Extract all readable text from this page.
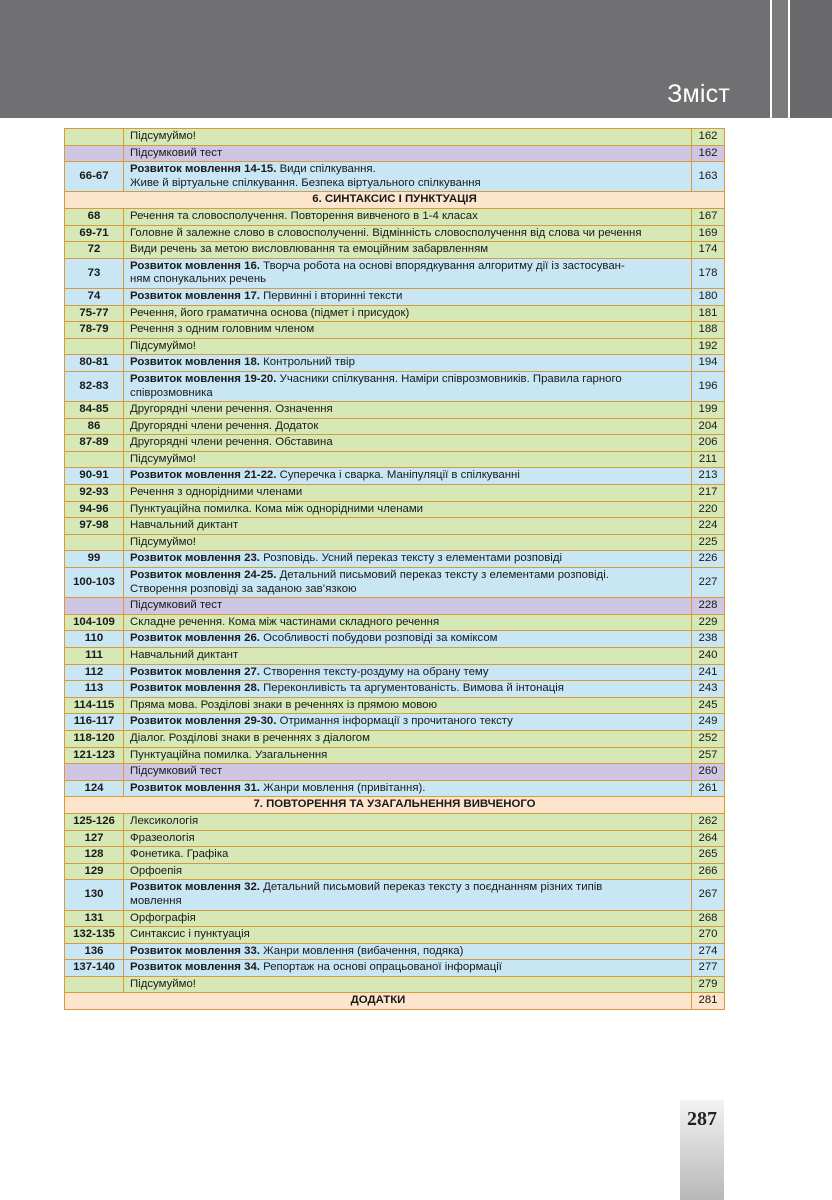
Зміст
	Підсумуймо!	162
	Підсумковий тест	162
66-67	Розвиток мовлення 14-15. Види спілкування.
Живе й віртуальне спілкування. Безпека віртуального спілкування	163
6. СИНТАКСИС І ПУНКТУАЦІЯ		
68	Речення та словосполучення. Повторення вивченого в 1-4 класах	167
69-71	Головне й залежне слово в словосполученні. Відмінність словосполучення від слова чи речення	169
72	Види речень за метою висловлювання та емоційним забарвленням	174
73	Розвиток мовлення 16. Творча робота на основі впорядкування алгоритму дії із застосуван-
ням спонукальних речень	178
74	Розвиток мовлення 17. Первинні і вторинні тексти	180
75-77	Речення, його граматична основа (підмет і присудок)	181
78-79	Речення з одним головним членом	188
	Підсумуймо!	192
80-81	Розвиток мовлення 18. Контрольний твір	194
82-83	Розвиток мовлення 19-20. Учасники спілкування. Наміри співрозмовників. Правила гарного
співрозмовника	196
84-85	Другорядні члени речення. Означення	199
86	Другорядні члени речення. Додаток	204
87-89	Другорядні члени речення. Обставина	206
	Підсумуймо!	211
90-91	Розвиток мовлення 21-22. Суперечка і сварка. Маніпуляції в спілкуванні	213
92-93	Речення з однорідними членами	217
94-96	Пунктуаційна помилка. Кома між однорідними членами	220
97-98	Навчальний диктант	224
	Підсумуймо!	225
99	Розвиток мовлення 23. Розповідь. Усний переказ тексту з елементами розповіді	226
100-103	Розвиток мовлення 24-25. Детальний письмовий переказ тексту з елементами розповіді.
Створення розповіді за заданою зав’язкою	227
	Підсумковий тест	228
104-109	Складне речення. Кома між частинами складного речення	229
110	Розвиток мовлення 26. Особливості побудови розповіді за коміксом	238
111	Навчальний диктант	240
112	Розвиток мовлення 27. Створення тексту-роздуму на обрану тему	241
113	Розвиток мовлення 28. Переконливість та аргументованість. Вимова й інтонація	243
114-115	Пряма мова. Розділові знаки в реченнях із прямою мовою	245
116-117	Розвиток мовлення 29-30. Отримання інформації з прочитаного тексту	249
118-120	Діалог. Розділові знаки в реченнях з діалогом	252
121-123	Пунктуаційна помилка. Узагальнення	257
	Підсумковий тест	260
124	Розвиток мовлення 31. Жанри мовлення (привітання).	261
7. ПОВТОРЕННЯ ТА УЗАГАЛЬНЕННЯ ВИВЧЕНОГО		
125-126	Лексикологія	262
127	Фразеологія	264
128	Фонетика. Графіка	265
129	Орфоепія	266
130	Розвиток мовлення 32. Детальний письмовий переказ тексту з поєднанням різних типів
мовлення	267
131	Орфографія	268
132-135	Синтаксис і пунктуація	270
136	Розвиток мовлення 33. Жанри мовлення (вибачення, подяка)	274
137-140	Розвиток мовлення 34. Репортаж на основі опрацьованої інформації	277
	Підсумуймо!	279
ДОДАТКИ		281
287
